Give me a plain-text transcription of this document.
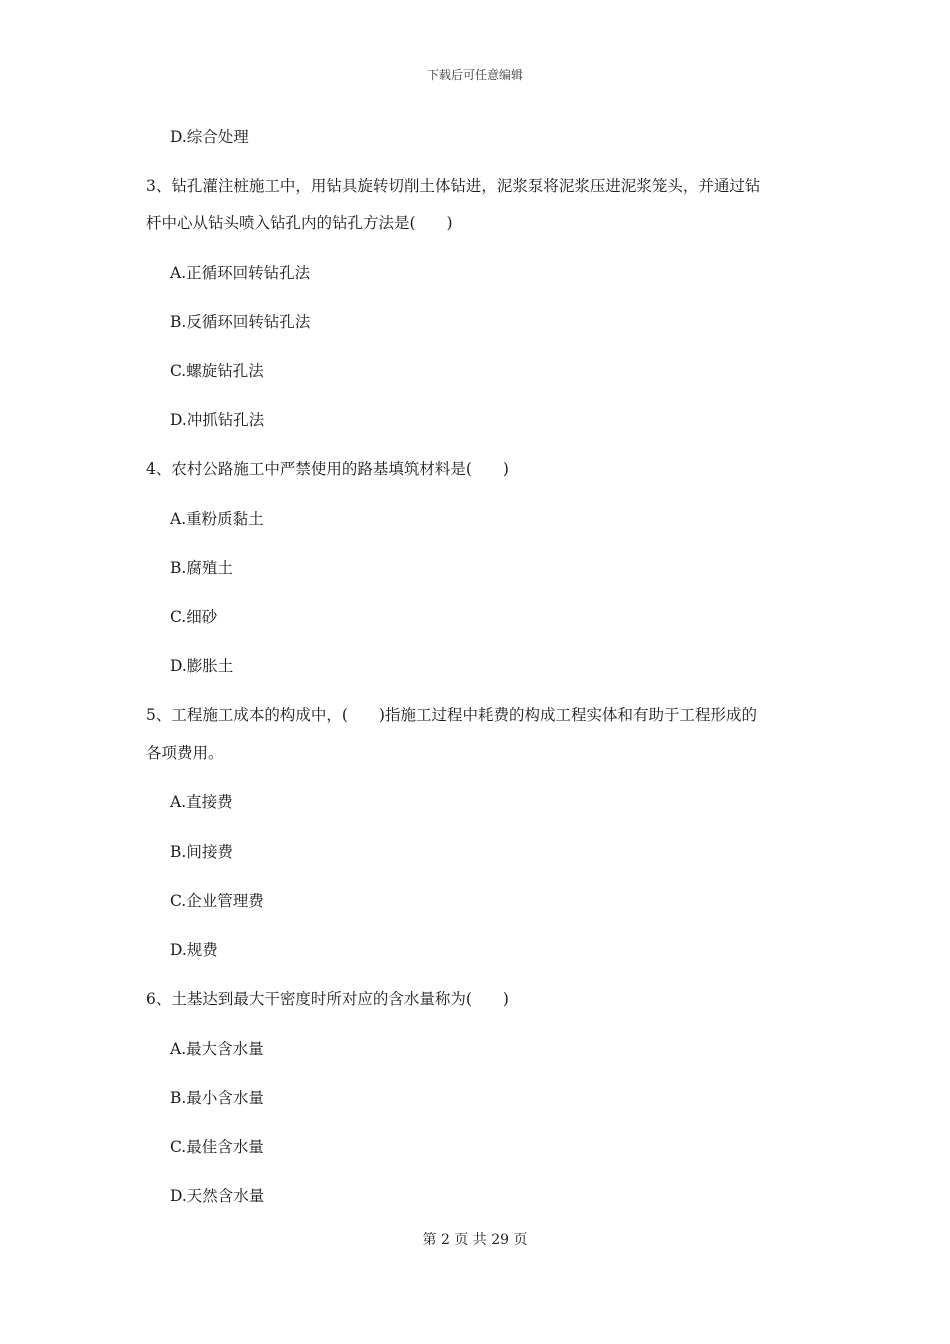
下载后可任意编辑
D.综合处理
3、钻孔灌注桩施工中，用钻具旋转切削土体钻进，泥浆泵将泥浆压进泥浆笼头，并通过钻
杆中心从钻头喷入钻孔内的钻孔方法是(　　)
A.正循环回转钻孔法
B.反循环回转钻孔法
C.螺旋钻孔法
D.冲抓钻孔法
4、农村公路施工中严禁使用的路基填筑材料是(　　)
A.重粉质黏土
B.腐殖土
C.细砂
D.膨胀土
5、工程施工成本的构成中，(　　)指施工过程中耗费的构成工程实体和有助于工程形成的
各项费用。
A.直接费
B.间接费
C.企业管理费
D.规费
6、土基达到最大干密度时所对应的含水量称为(　　)
A.最大含水量
B.最小含水量
C.最佳含水量
D.天然含水量
第 2 页 共 29 页
